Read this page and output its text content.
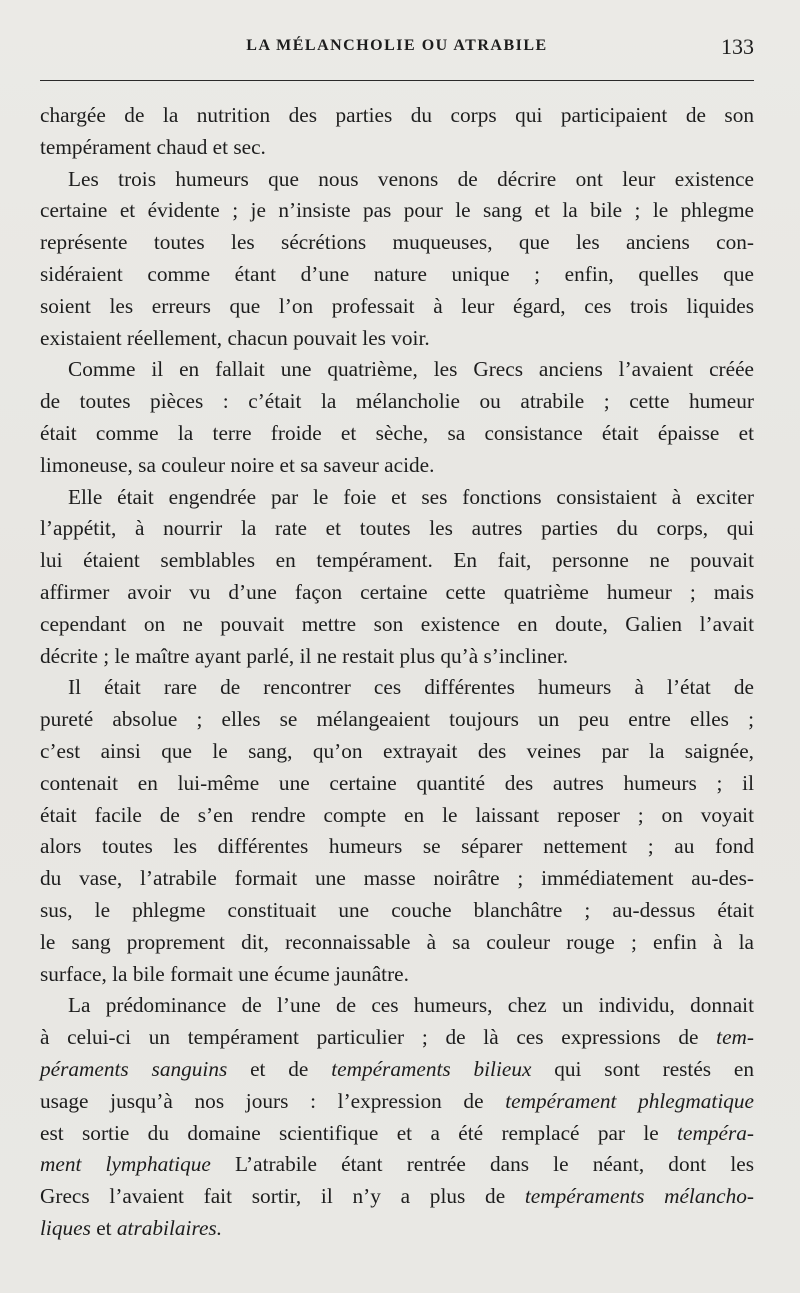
LA MÉLANCHOLIE OU ATRABILE	133
chargée de la nutrition des parties du corps qui participaient de son
tempérament chaud et sec.
Les trois humeurs que nous venons de décrire ont leur existence
certaine et évidente ; je n’insiste pas pour le sang et la bile ; le phlegme
représente toutes les sécrétions muqueuses, que les anciens con-
sidéraient comme étant d’une nature unique ; enfin, quelles que
soient les erreurs que l’on professait à leur égard, ces trois liquides
existaient réellement, chacun pouvait les voir.
Comme il en fallait une quatrième, les Grecs anciens l’avaient créée
de toutes pièces : c’était la mélancholie ou atrabile ; cette humeur
était comme la terre froide et sèche, sa consistance était épaisse et
limoneuse, sa couleur noire et sa saveur acide.
Elle était engendrée par le foie et ses fonctions consistaient à exciter
l’appétit, à nourrir la rate et toutes les autres parties du corps, qui
lui étaient semblables en tempérament. En fait, personne ne pouvait
affirmer avoir vu d’une façon certaine cette quatrième humeur ; mais
cependant on ne pouvait mettre son existence en doute, Galien l’avait
décrite ; le maître ayant parlé, il ne restait plus qu’à s’incliner.
Il était rare de rencontrer ces différentes humeurs à l’état de
pureté absolue ; elles se mélangeaient toujours un peu entre elles ;
c’est ainsi que le sang, qu’on extrayait des veines par la saignée,
contenait en lui-même une certaine quantité des autres humeurs ; il
était facile de s’en rendre compte en le laissant reposer ; on voyait
alors toutes les différentes humeurs se séparer nettement ; au fond
du vase, l’atrabile formait une masse noirâtre ; immédiatement au-des-
sus, le phlegme constituait une couche blanchâtre ; au-dessus était
le sang proprement dit, reconnaissable à sa couleur rouge ; enfin à la
surface, la bile formait une écume jaunâtre.
La prédominance de l’une de ces humeurs, chez un individu, donnait
à celui-ci un tempérament particulier ; de là ces expressions de tem-
péraments sanguins et de tempéraments bilieux qui sont restés en
usage jusqu’à nos jours : l’expression de tempérament phlegmatique
est sortie du domaine scientifique et a été remplacé par le tempéra-
ment lymphatique L’atrabile étant rentrée dans le néant, dont les
Grecs l’avaient fait sortir, il n’y a plus de tempéraments mélancho-
liques et atrabilaires.
